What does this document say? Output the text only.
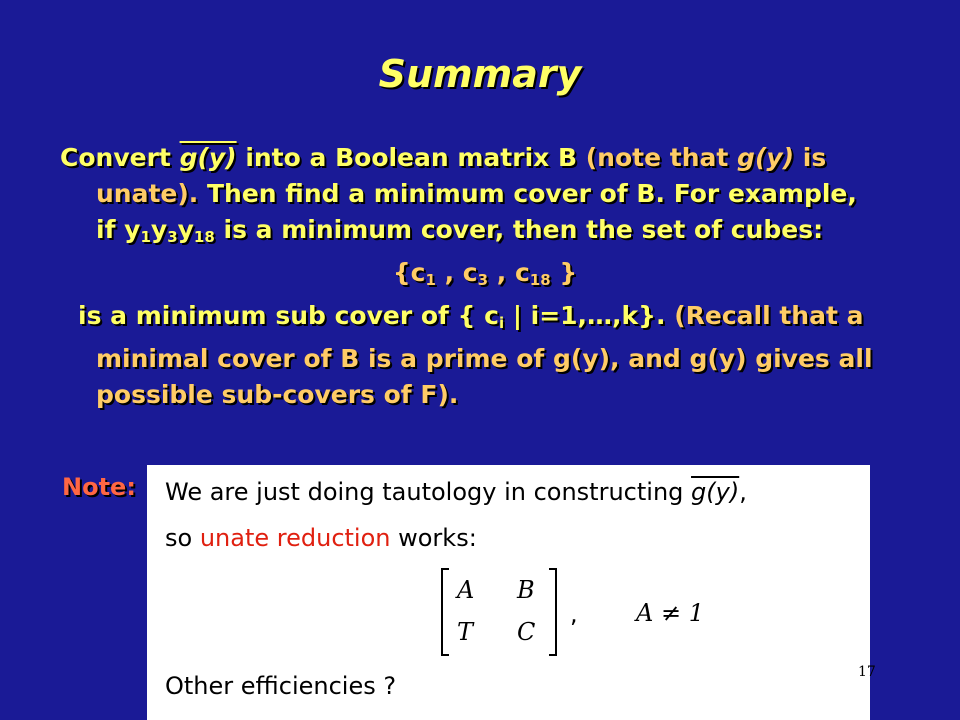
Summary

Convert g(y) into a Boolean matrix B (note that g(y) is
unate). Then find a minimum cover of B. For example,
if $y_1y_3y_{18}$ is a minimum cover, then the set of cubes:

{$c_1$ , $c_3$ , $c_{18}$ }

is a minimum sub cover of { $c_i$ | i=1,…,k}. (Recall that a minimal cover of B is a prime of g(y), and g(y) gives all possible sub-covers of F).

Note: We are just doing tautology in constructing g(y),
so unate reduction works:
A B
T C
, A ≠ 1
Other efficiencies ?	17
